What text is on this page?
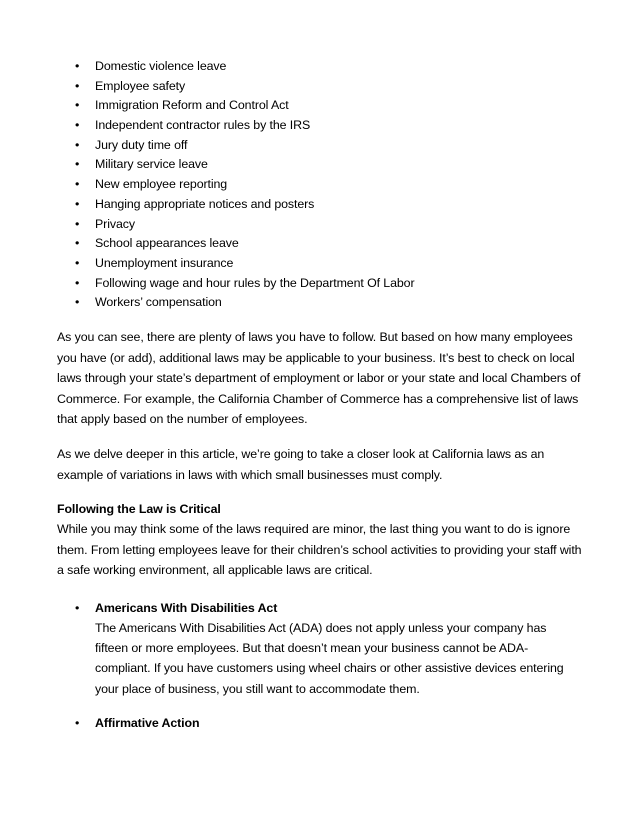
• Domestic violence leave
• Employee safety
• Immigration Reform and Control Act
• Independent contractor rules by the IRS
• Jury duty time off
• Military service leave
• New employee reporting
• Hanging appropriate notices and posters
• Privacy
• School appearances leave
• Unemployment insurance
• Following wage and hour rules by the Department Of Labor
• Workers’ compensation

As you can see, there are plenty of laws you have to follow. But based on how many employees you have (or add), additional laws may be applicable to your business. It’s best to check on local laws through your state’s department of employment or labor or your state and local Chambers of Commerce. For example, the California Chamber of Commerce has a comprehensive list of laws that apply based on the number of employees.

As we delve deeper in this article, we’re going to take a closer look at California laws as an example of variations in laws with which small businesses must comply.

Following the Law is Critical

While you may think some of the laws required are minor, the last thing you want to do is ignore them. From letting employees leave for their children’s school activities to providing your staff with a safe working environment, all applicable laws are critical.

• Americans With Disabilities Act

The Americans With Disabilities Act (ADA) does not apply unless your company has fifteen or more employees. But that doesn’t mean your business cannot be ADA-compliant. If you have customers using wheel chairs or other assistive devices entering your place of business, you still want to accommodate them.

• Affirmative Action
